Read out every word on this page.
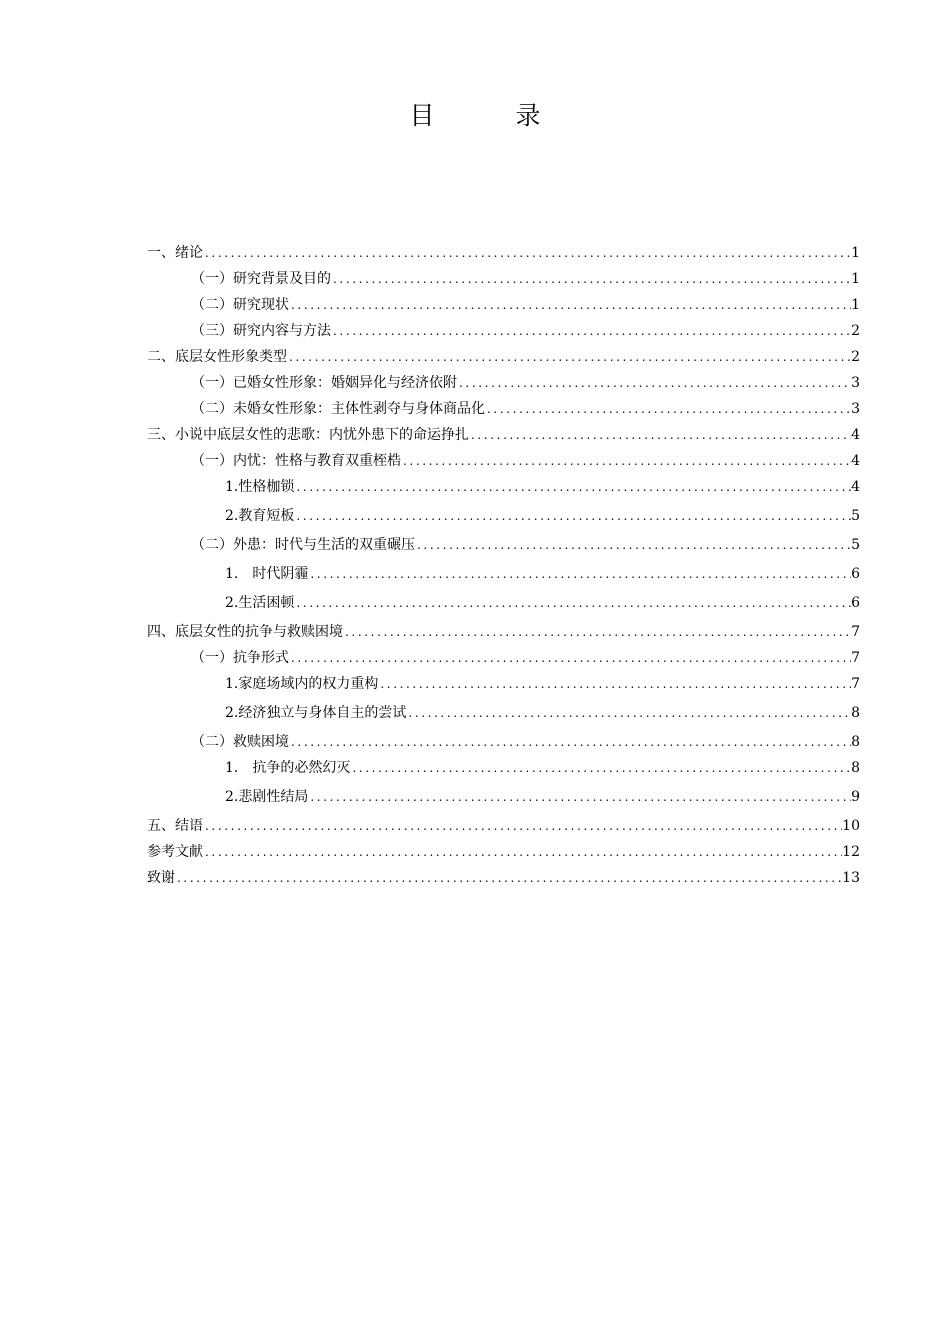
目　录
一、绪论 .....	1
（一）研究背景及目的 .....	1
（二）研究现状 .....	1
（三）研究内容与方法 .....	2
二、底层女性形象类型 .....	2
（一）已婚女性形象：婚姻异化与经济依附 .....	3
（二）未婚女性形象：主体性剥夺与身体商品化 .....	3
三、小说中底层女性的悲歌：内忧外患下的命运挣扎 .....	4
（一）内忧：性格与教育双重桎梏 .....	4
1.性格枷锁 .....	4
2.教育短板 .....	5
（二）外患：时代与生活的双重碾压 .....	5
1.　时代阴霾 .....	6
2.生活困顿 .....	6
四、底层女性的抗争与救赎困境 .....	7
（一）抗争形式 .....	7
1.家庭场域内的权力重构 .....	7
2.经济独立与身体自主的尝试 .....	8
（二）救赎困境 .....	8
1.　抗争的必然幻灭 .....	8
2.悲剧性结局 .....	9
五、结语 .....	10
参考文献 .....	12
致谢 .....	13
